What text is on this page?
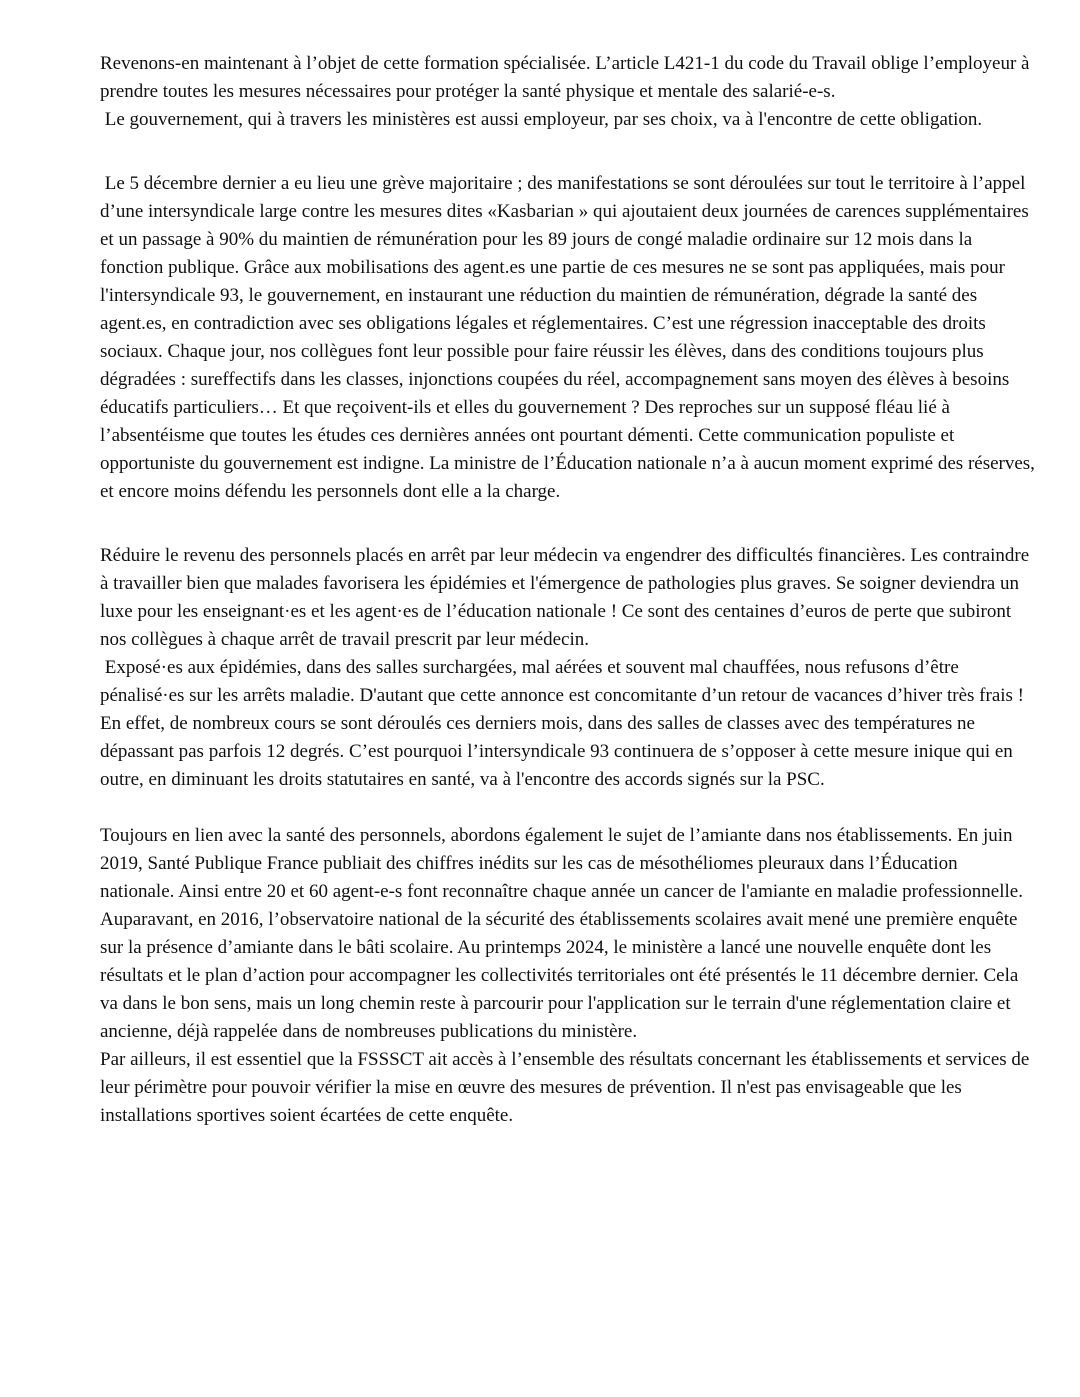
Revenons-en maintenant à l’objet de cette formation spécialisée. L’article L421-1 du code du Travail oblige l’employeur à prendre toutes les mesures nécessaires pour protéger la santé physique et mentale des salarié-e-s.

Le gouvernement, qui à travers les ministères est aussi employeur, par ses choix, va à l'encontre de cette obligation.

Le 5 décembre dernier a eu lieu une grève majoritaire ; des manifestations se sont déroulées sur tout le territoire à l’appel d’une intersyndicale large contre les mesures dites «Kasbarian » qui ajoutaient deux journées de carences supplémentaires et un passage à 90% du maintien de rémunération pour les 89 jours de congé maladie ordinaire sur 12 mois dans la fonction publique. Grâce aux mobilisations des agent.es une partie de ces mesures ne se sont pas appliquées, mais pour l'intersyndicale 93, le gouvernement, en instaurant une réduction du maintien de rémunération, dégrade la santé des agent.es, en contradiction avec ses obligations légales et réglementaires. C’est une régression inacceptable des droits sociaux. Chaque jour, nos collègues font leur possible pour faire réussir les élèves, dans des conditions toujours plus dégradées : sureffectifs dans les classes, injonctions coupées du réel, accompagnement sans moyen des élèves à besoins éducatifs particuliers… Et que reçoivent-ils et elles du gouvernement ? Des reproches sur un supposé fléau lié à l’absentéisme que toutes les études ces dernières années ont pourtant démenti. Cette communication populiste et opportuniste du gouvernement est indigne. La ministre de l’Éducation nationale n’a à aucun moment exprimé des réserves, et encore moins défendu les personnels dont elle a la charge.

Réduire le revenu des personnels placés en arrêt par leur médecin va engendrer des difficultés financières. Les contraindre à travailler bien que malades favorisera les épidémies et l'émergence de pathologies plus graves. Se soigner deviendra un luxe pour les enseignant·es et les agent·es de l’éducation nationale ! Ce sont des centaines d’euros de perte que subiront nos collègues à chaque arrêt de travail prescrit par leur médecin.

Exposé·es aux épidémies, dans des salles surchargées, mal aérées et souvent mal chauffées, nous refusons d’être pénalisé·es sur les arrêts maladie. D'autant que cette annonce est concomitante d’un retour de vacances d’hiver très frais ! En effet, de nombreux cours se sont déroulés ces derniers mois, dans des salles de classes avec des températures ne dépassant pas parfois 12 degrés. C’est pourquoi l’intersyndicale 93 continuera de s’opposer à cette mesure inique qui en outre, en diminuant les droits statutaires en santé, va à l'encontre des accords signés sur la PSC.

Toujours en lien avec la santé des personnels, abordons également le sujet de l’amiante dans nos établissements. En juin 2019, Santé Publique France publiait des chiffres inédits sur les cas de mésothéliomes pleuraux dans l’Éducation nationale. Ainsi entre 20 et 60 agent-e-s font reconnaître chaque année un cancer de l'amiante en maladie professionnelle. Auparavant, en 2016, l’observatoire national de la sécurité des établissements scolaires avait mené une première enquête sur la présence d’amiante dans le bâti scolaire. Au printemps 2024, le ministère a lancé une nouvelle enquête dont les résultats et le plan d’action pour accompagner les collectivités territoriales ont été présentés le 11 décembre dernier. Cela va dans le bon sens, mais un long chemin reste à parcourir pour l'application sur le terrain d'une réglementation claire et ancienne, déjà rappelée dans de nombreuses publications du ministère.

Par ailleurs, il est essentiel que la FSSSCT ait accès à l’ensemble des résultats concernant les établissements et services de leur périmètre pour pouvoir vérifier la mise en œuvre des mesures de prévention. Il n'est pas envisageable que les installations sportives soient écartées de cette enquête.
